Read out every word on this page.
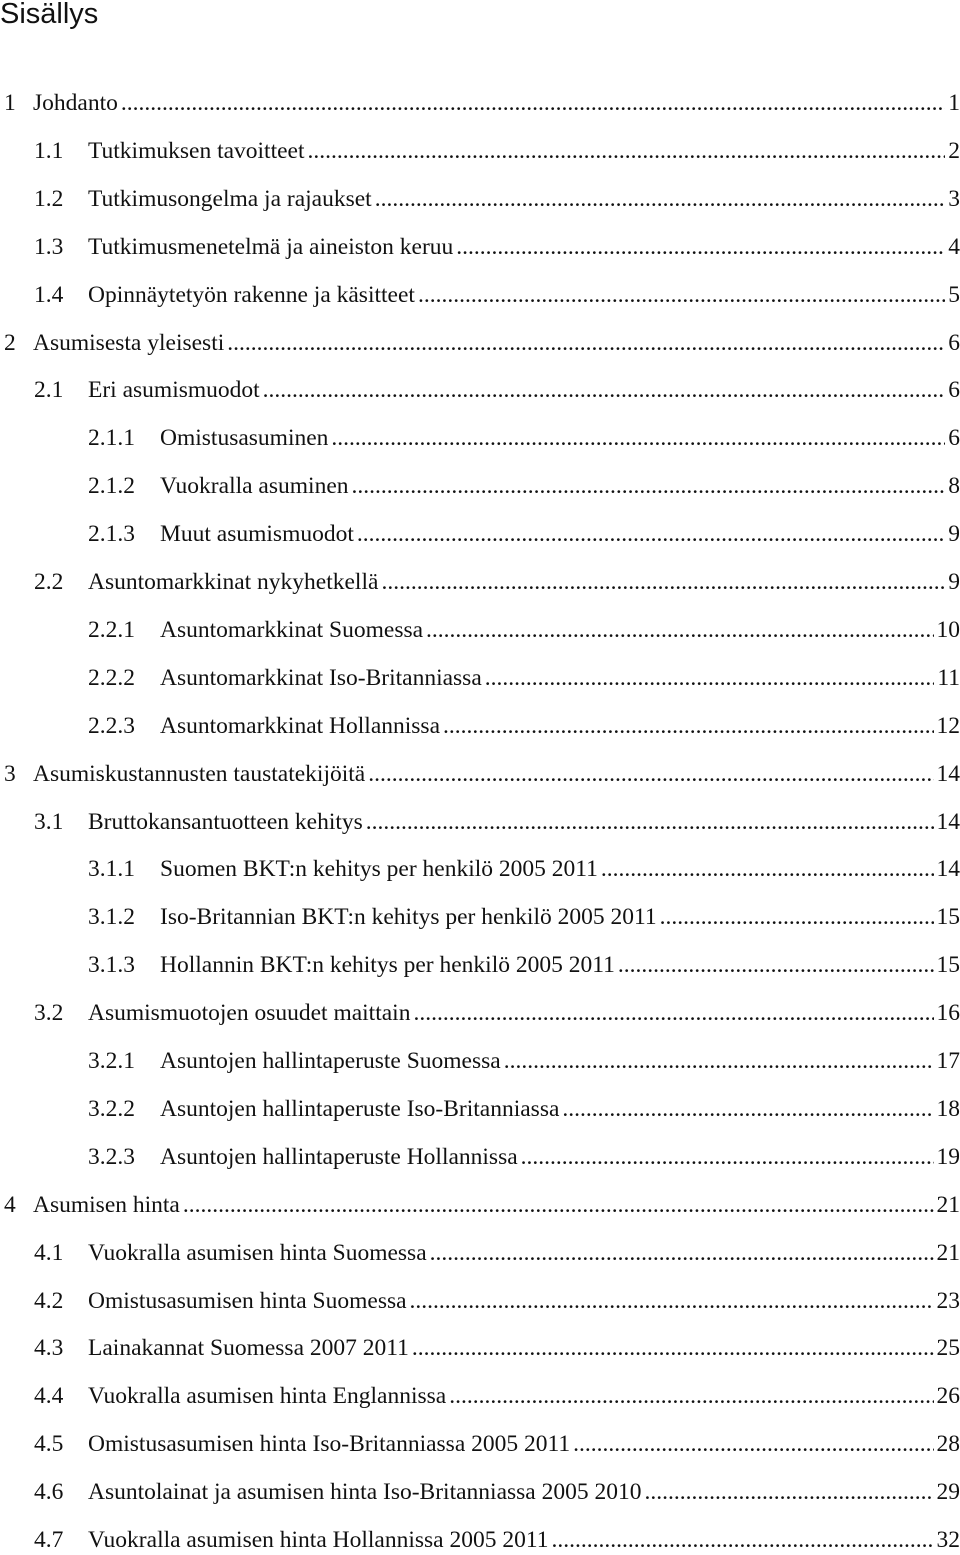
Sisällys
1 Johdanto .....	1
1.1 Tutkimuksen tavoitteet .....	2
1.2 Tutkimusongelma ja rajaukset .....	3
1.3 Tutkimusmenetelmä ja aineiston keruu .....	4
1.4 Opinnäytetyön rakenne ja käsitteet .....	5
2 Asumisesta yleisesti .....	6
2.1 Eri asumismuodot .....	6
2.1.1 Omistusasuminen .....	6
2.1.2 Vuokralla asuminen .....	8
2.1.3 Muut asumismuodot .....	9
2.2 Asuntomarkkinat nykyhetkellä .....	9
2.2.1 Asuntomarkkinat Suomessa .....	10
2.2.2 Asuntomarkkinat Iso-Britanniassa .....	11
2.2.3 Asuntomarkkinat Hollannissa .....	12
3 Asumiskustannusten taustatekijöitä .....	14
3.1 Bruttokansantuotteen kehitys .....	14
3.1.1 Suomen BKT:n kehitys per henkilö 2005 2011 .....	14
3.1.2 Iso-Britannian BKT:n kehitys per henkilö 2005 2011 .....	15
3.1.3 Hollannin BKT:n kehitys per henkilö 2005 2011 .....	15
3.2 Asumismuotojen osuudet maittain .....	16
3.2.1 Asuntojen hallintaperuste Suomessa .....	17
3.2.2 Asuntojen hallintaperuste Iso-Britanniassa .....	18
3.2.3 Asuntojen hallintaperuste Hollannissa .....	19
4 Asumisen hinta .....	21
4.1 Vuokralla asumisen hinta Suomessa .....	21
4.2 Omistusasumisen hinta Suomessa .....	23
4.3 Lainakannat Suomessa 2007 2011 .....	25
4.4 Vuokralla asumisen hinta Englannissa .....	26
4.5 Omistusasumisen hinta Iso-Britanniassa 2005 2011 .....	28
4.6 Asuntolainat ja asumisen hinta Iso-Britanniassa 2005 2010 .....	29
4.7 Vuokralla asumisen hinta Hollannissa 2005 2011 .....	32
